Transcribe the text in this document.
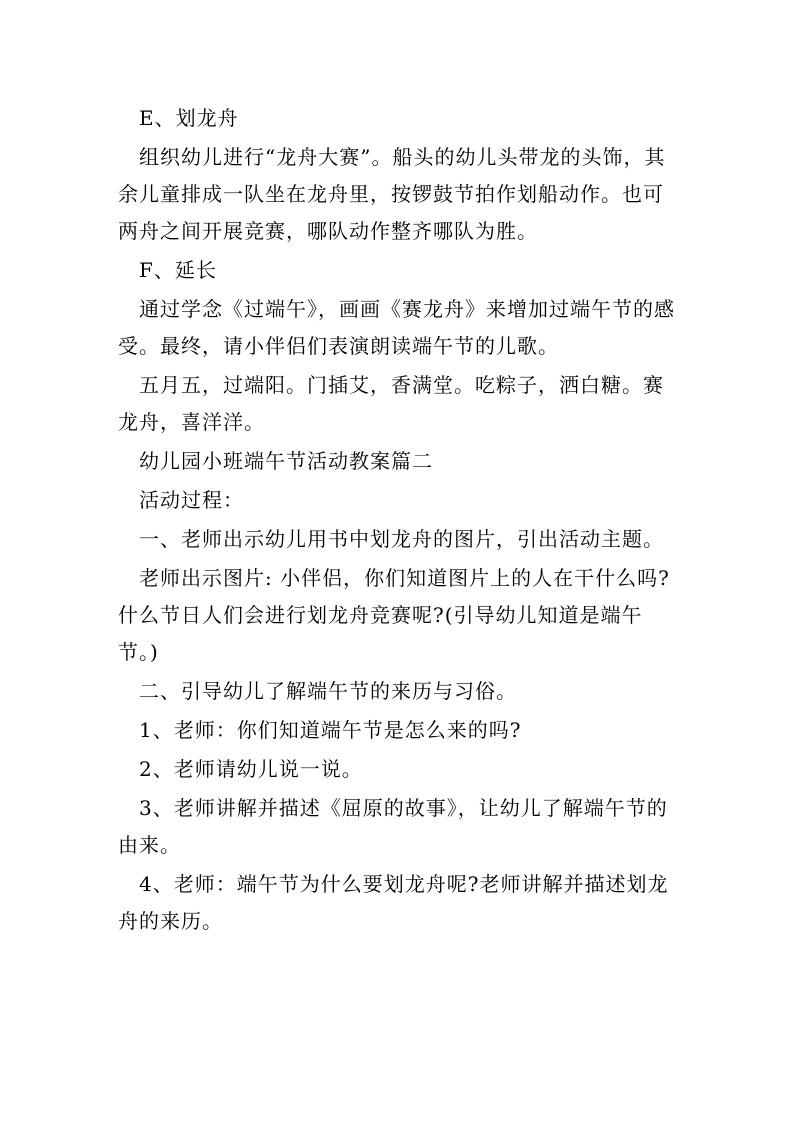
E、划龙舟

组织幼儿进行“龙舟大赛”。船头的幼儿头带龙的头饰，其余儿童排成一队坐在龙舟里，按锣鼓节拍作划船动作。也可两舟之间开展竞赛，哪队动作整齐哪队为胜。

F、延长

通过学念《过端午》，画画《赛龙舟》来增加过端午节的感受。最终，请小伴侣们表演朗读端午节的儿歌。

五月五，过端阳。门插艾，香满堂。吃粽子，洒白糖。赛龙舟，喜洋洋。

幼儿园小班端午节活动教案篇二

活动过程：

一、老师出示幼儿用书中划龙舟的图片，引出活动主题。

老师出示图片: 小伴侣，你们知道图片上的人在干什么吗?什么节日人们会进行划龙舟竞赛呢?(引导幼儿知道是端午节。)

二、引导幼儿了解端午节的来历与习俗。

1、老师：你们知道端午节是怎么来的吗?

2、老师请幼儿说一说。

3、老师讲解并描述《屈原的故事》，让幼儿了解端午节的由来。

4、老师：端午节为什么要划龙舟呢?老师讲解并描述划龙舟的来历。
